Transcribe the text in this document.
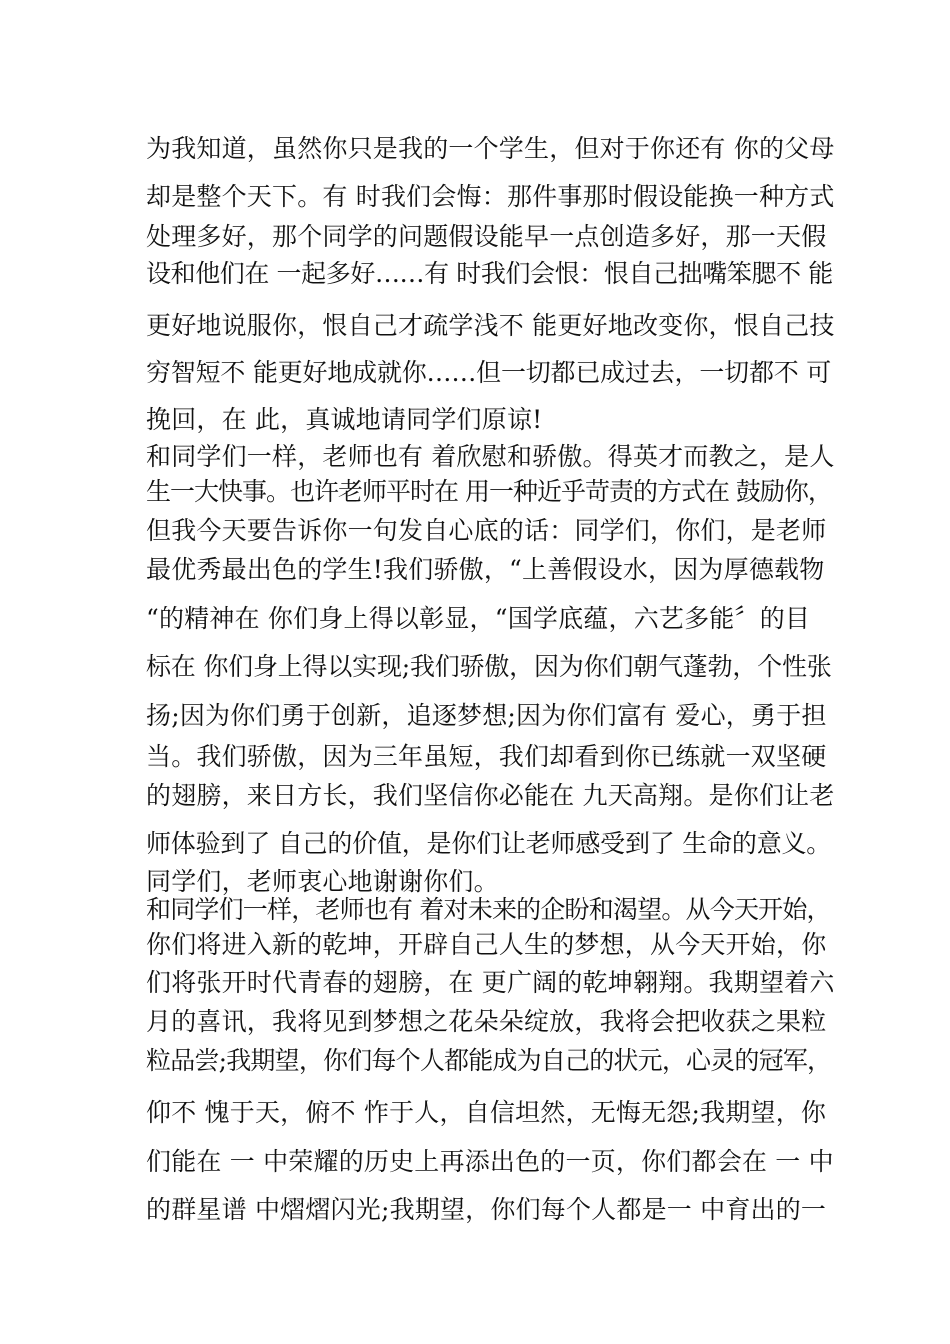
为我知道，虽然你只是我的一个学生，但对于你还有 你的父母
却是整个天下。有 时我们会悔：那件事那时假设能换一种方式
处理多好，那个同学的问题假设能早一点创造多好，那一天假
设和他们在 一起多好……有 时我们会恨：恨自己拙嘴笨腮不 能
更好地说服你，恨自己才疏学浅不 能更好地改变你，恨自己技
穷智短不 能更好地成就你……但一切都已成过去，一切都不 可
挽回，在 此，真诚地请同学们原谅!
和同学们一样，老师也有 着欣慰和骄傲。得英才而教之，是人
生一大快事。也许老师平时在 用一种近乎苛责的方式在 鼓励你，
但我今天要告诉你一句发自心底的话：同学们，你们，是老师
最优秀最出色的学生!我们骄傲，“上善假设水，因为厚德载物
“的精神在 你们身上得以彰显，“国学底蕴，六艺多能〞的目
标在 你们身上得以实现;我们骄傲，因为你们朝气蓬勃，个性张
扬;因为你们勇于创新，追逐梦想;因为你们富有 爱心，勇于担
当。我们骄傲，因为三年虽短，我们却看到你已练就一双坚硬
的翅膀，来日方长，我们坚信你必能在 九天高翔。是你们让老
师体验到了 自己的价值，是你们让老师感受到了 生命的意义。
同学们，老师衷心地谢谢你们。
和同学们一样，老师也有 着对未来的企盼和渴望。从今天开始，
你们将进入新的乾坤，开辟自己人生的梦想，从今天开始，你
们将张开时代青春的翅膀，在 更广阔的乾坤翱翔。我期望着六
月的喜讯，我将见到梦想之花朵朵绽放，我将会把收获之果粒
粒品尝;我期望，你们每个人都能成为自己的状元，心灵的冠军，
仰不 愧于天，俯不 怍于人，自信坦然，无悔无怨;我期望，你
们能在 一 中荣耀的历史上再添出色的一页，你们都会在 一 中
的群星谱 中熠熠闪光;我期望，你们每个人都是一 中育出的一
